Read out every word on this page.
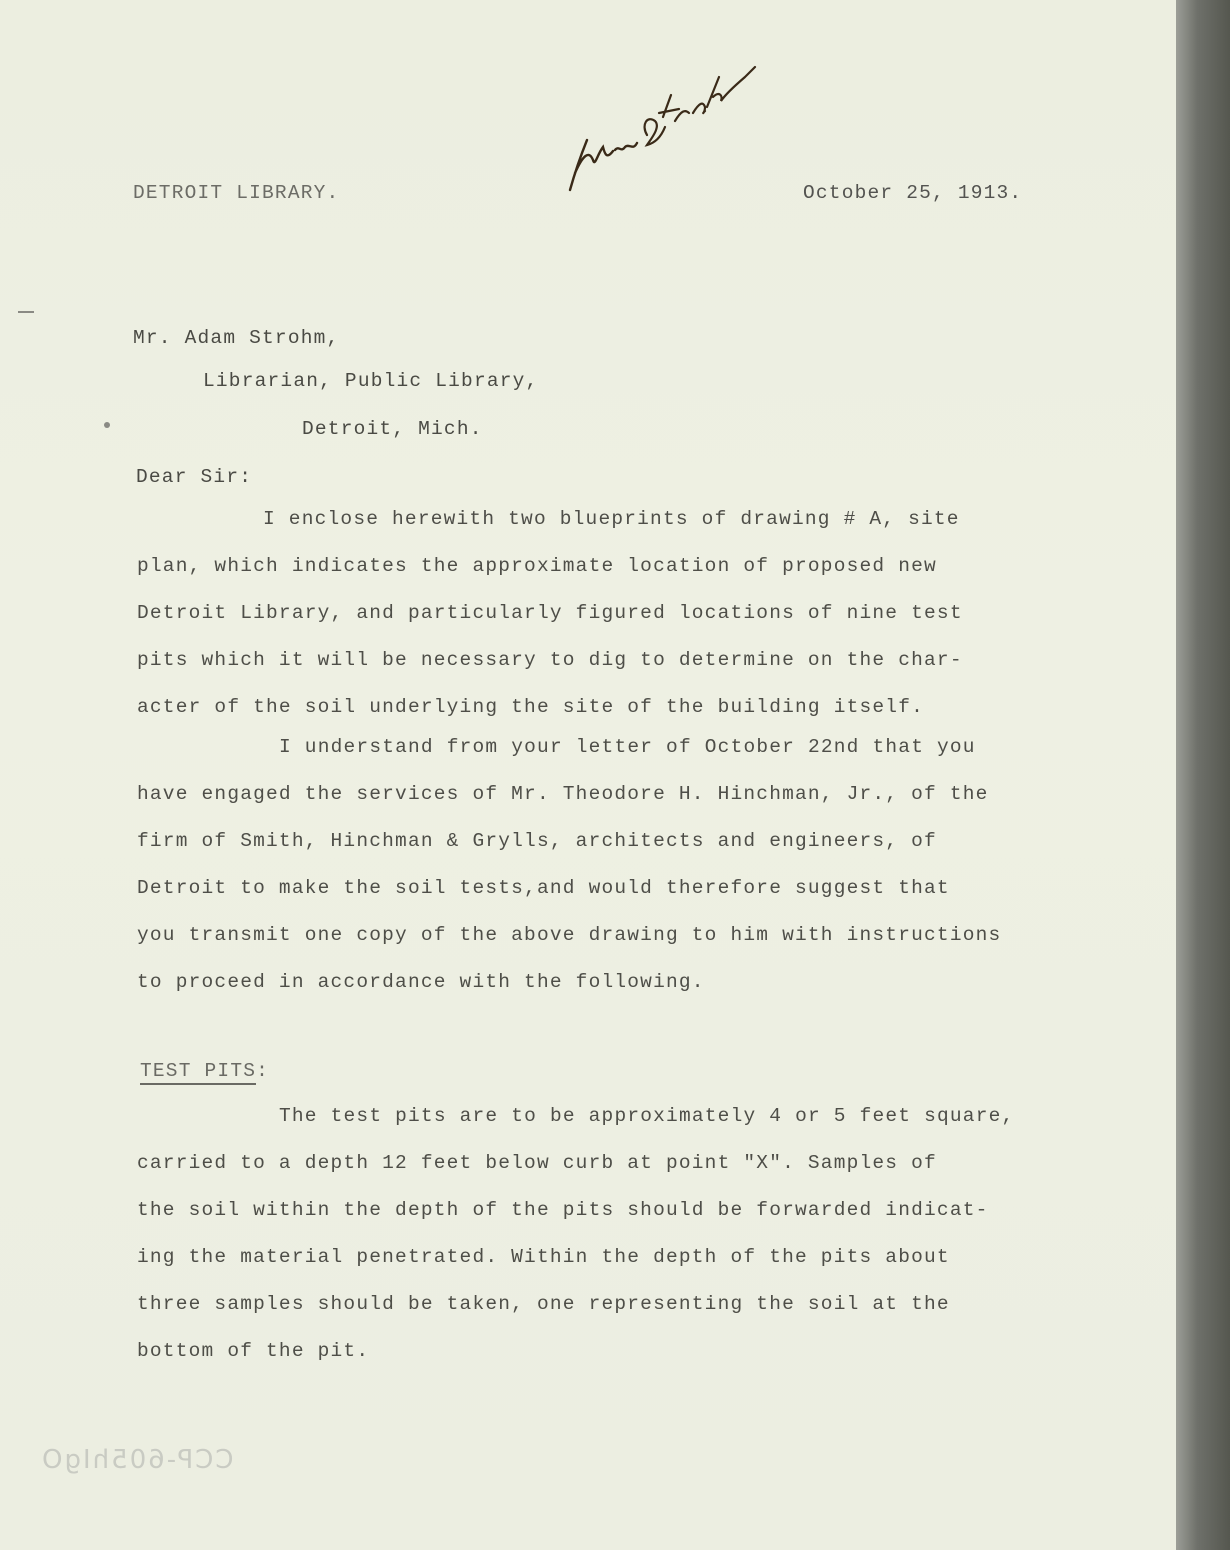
DETROIT LIBRARY.	October 25, 1913.

Mr. Adam Strohm,

Librarian, Public Library,

Detroit, Mich.

Dear Sir:

I enclose herewith two blueprints of drawing # A, site
plan, which indicates the approximate location of proposed new
Detroit Library, and particularly figured locations of nine test
pits which it will be necessary to dig to determine on the char-
acter of the soil underlying the site of the building itself.
I understand from your letter of October 22nd that you
have engaged the services of Mr. Theodore H. Hinchman, Jr., of the
firm of Smith, Hinchman & Grylls, architects and engineers, of
Detroit to make the soil tests,and would therefore suggest that
you transmit one copy of the above drawing to him with instructions
to proceed in accordance with the following.
TEST PITS:
The test pits are to be approximately 4 or 5 feet square,
carried to a depth 12 feet below curb at point "X". Samples of
the soil within the depth of the pits should be forwarded indicat-
ing the material penetrated. Within the depth of the pits about
three samples should be taken, one representing the soil at the
bottom of the pit.
CCP-605hIgO
